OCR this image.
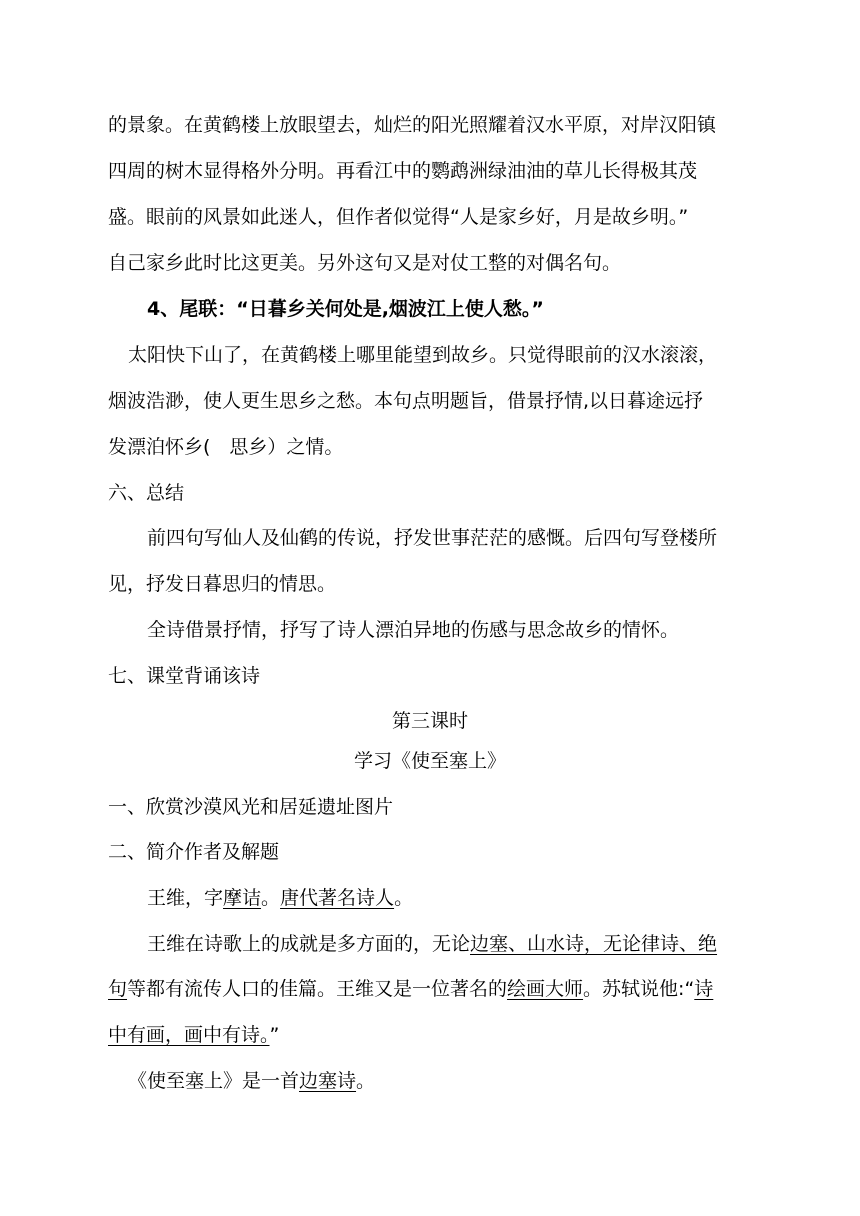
的景象。在黄鹤楼上放眼望去，灿烂的阳光照耀着汉水平原，对岸汉阳镇
四周的树木显得格外分明。再看江中的鹦鹉洲绿油油的草儿长得极其茂
盛。眼前的风景如此迷人，但作者似觉得“人是家乡好，月是故乡明。”
自己家乡此时比这更美。另外这句又是对仗工整的对偶名句。
4、尾联：“日暮乡关何处是,烟波江上使人愁。”
太阳快下山了，在黄鹤楼上哪里能望到故乡。只觉得眼前的汉水滚滚，
烟波浩渺，使人更生思乡之愁。本句点明题旨，借景抒情,以日暮途远抒
发漂泊怀乡(　思乡）之情。
六、总结
前四句写仙人及仙鹤的传说，抒发世事茫茫的感慨。后四句写登楼所
见，抒发日暮思归的情思。
全诗借景抒情，抒写了诗人漂泊异地的伤感与思念故乡的情怀。
七、课堂背诵该诗
第三课时
学习《使至塞上》
一、欣赏沙漠风光和居延遗址图片
二、简介作者及解题
王维，字摩诘。唐代著名诗人。
王维在诗歌上的成就是多方面的，无论边塞、山水诗，无论律诗、绝
句等都有流传人口的佳篇。王维又是一位著名的绘画大师。苏轼说他:“诗
中有画，画中有诗。”
《使至塞上》是一首边塞诗。
